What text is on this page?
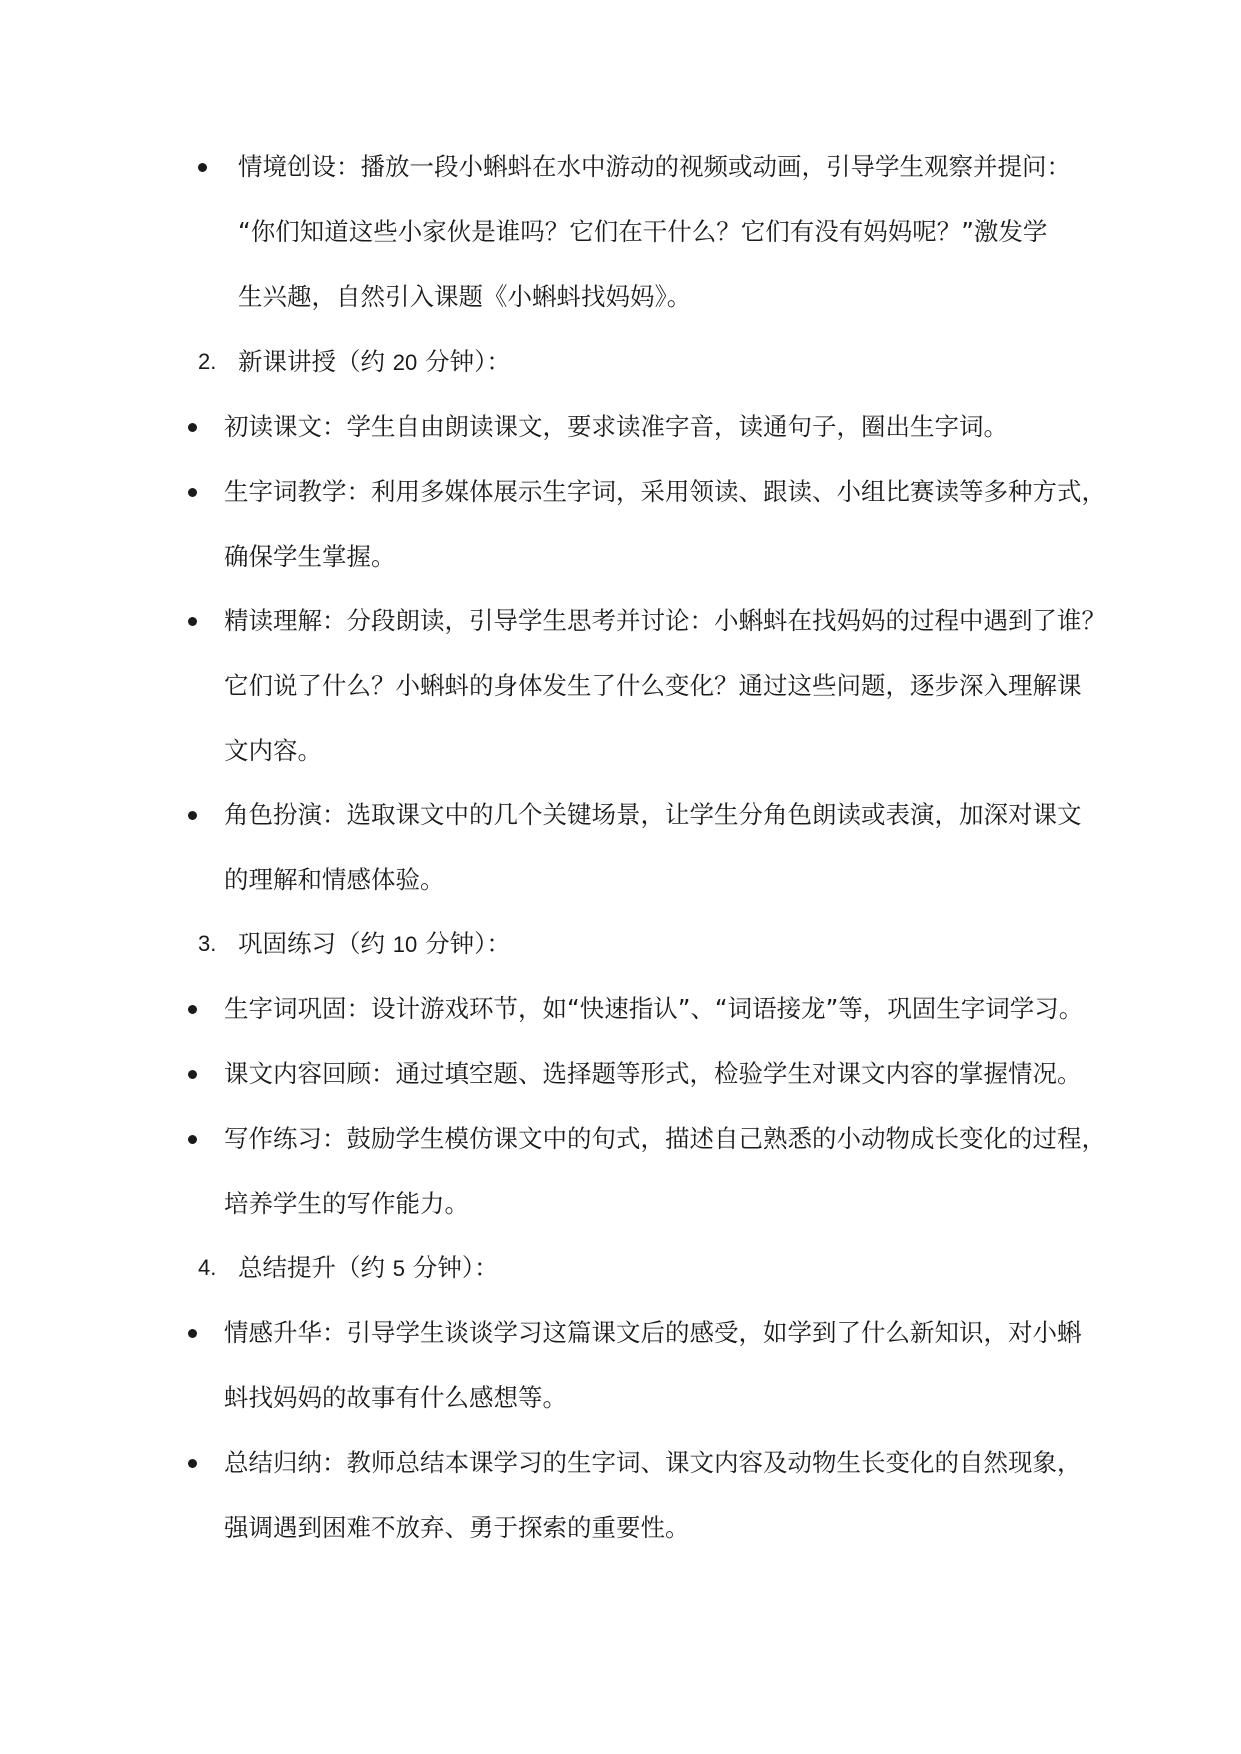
情境创设：播放一段小蝌蚪在水中游动的视频或动画，引导学生观察并提问：
“你们知道这些小家伙是谁吗？它们在干什么？它们有没有妈妈呢？”激发学
生兴趣，自然引入课题《小蝌蚪找妈妈》。
2. 新课讲授（约 20 分钟）：
初读课文：学生自由朗读课文，要求读准字音，读通句子，圈出生字词。
生字词教学：利用多媒体展示生字词，采用领读、跟读、小组比赛读等多种方式，
确保学生掌握。
精读理解：分段朗读，引导学生思考并讨论：小蝌蚪在找妈妈的过程中遇到了谁？
它们说了什么？小蝌蚪的身体发生了什么变化？通过这些问题，逐步深入理解课
文内容。
角色扮演：选取课文中的几个关键场景，让学生分角色朗读或表演，加深对课文
的理解和情感体验。
3. 巩固练习（约 10 分钟）：
生字词巩固：设计游戏环节，如“快速指认”、“词语接龙”等，巩固生字词学习。
课文内容回顾：通过填空题、选择题等形式，检验学生对课文内容的掌握情况。
写作练习：鼓励学生模仿课文中的句式，描述自己熟悉的小动物成长变化的过程，
培养学生的写作能力。
4. 总结提升（约 5 分钟）：
情感升华：引导学生谈谈学习这篇课文后的感受，如学到了什么新知识，对小蝌
蚪找妈妈的故事有什么感想等。
总结归纳：教师总结本课学习的生字词、课文内容及动物生长变化的自然现象，
强调遇到困难不放弃、勇于探索的重要性。
